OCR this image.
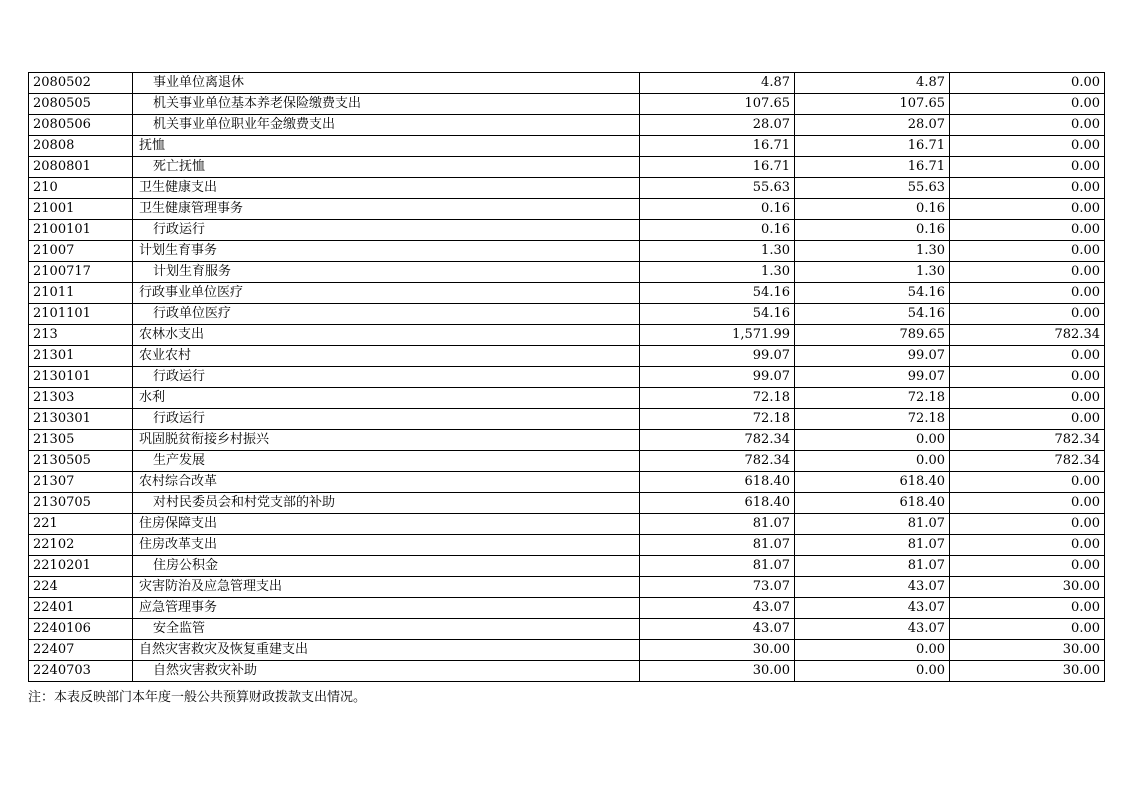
2080502	事业单位离退休	4.87	4.87	0.00
2080505	机关事业单位基本养老保险缴费支出	107.65	107.65	0.00
2080506	机关事业单位职业年金缴费支出	28.07	28.07	0.00
20808	抚恤	16.71	16.71	0.00
2080801	死亡抚恤	16.71	16.71	0.00
210	卫生健康支出	55.63	55.63	0.00
21001	卫生健康管理事务	0.16	0.16	0.00
2100101	行政运行	0.16	0.16	0.00
21007	计划生育事务	1.30	1.30	0.00
2100717	计划生育服务	1.30	1.30	0.00
21011	行政事业单位医疗	54.16	54.16	0.00
2101101	行政单位医疗	54.16	54.16	0.00
213	农林水支出	1,571.99	789.65	782.34
21301	农业农村	99.07	99.07	0.00
2130101	行政运行	99.07	99.07	0.00
21303	水利	72.18	72.18	0.00
2130301	行政运行	72.18	72.18	0.00
21305	巩固脱贫衔接乡村振兴	782.34	0.00	782.34
2130505	生产发展	782.34	0.00	782.34
21307	农村综合改革	618.40	618.40	0.00
2130705	对村民委员会和村党支部的补助	618.40	618.40	0.00
221	住房保障支出	81.07	81.07	0.00
22102	住房改革支出	81.07	81.07	0.00
2210201	住房公积金	81.07	81.07	0.00
224	灾害防治及应急管理支出	73.07	43.07	30.00
22401	应急管理事务	43.07	43.07	0.00
2240106	安全监管	43.07	43.07	0.00
22407	自然灾害救灾及恢复重建支出	30.00	0.00	30.00
2240703	自然灾害救灾补助	30.00	0.00	30.00
注：本表反映部门本年度一般公共预算财政拨款支出情况。
